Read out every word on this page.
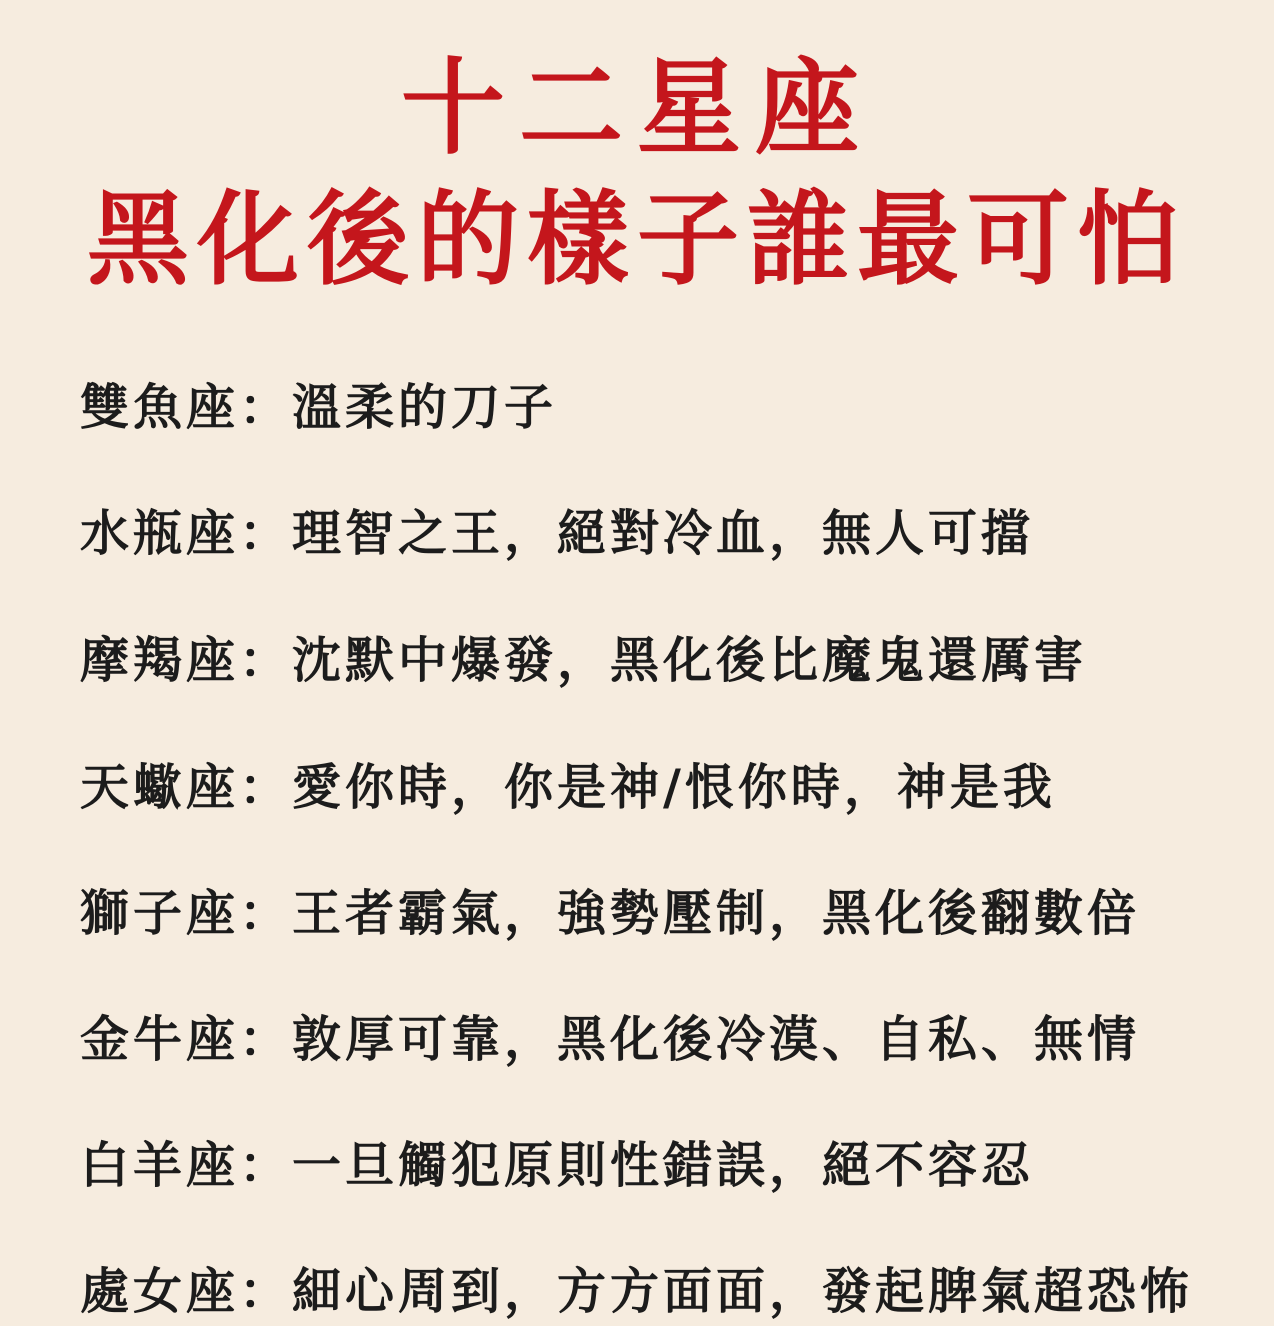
十二星座
黑化後的樣子誰最可怕
雙魚座：溫柔的刀子
水瓶座：理智之王，絕對冷血，無人可擋
摩羯座：沈默中爆發，黑化後比魔鬼還厲害
天蠍座：愛你時，你是神/恨你時，神是我
獅子座：王者霸氣，強勢壓制，黑化後翻數倍
金牛座：敦厚可靠，黑化後冷漠、自私、無情
白羊座：一旦觸犯原則性錯誤，絕不容忍
處女座：細心周到，方方面面，發起脾氣超恐怖
